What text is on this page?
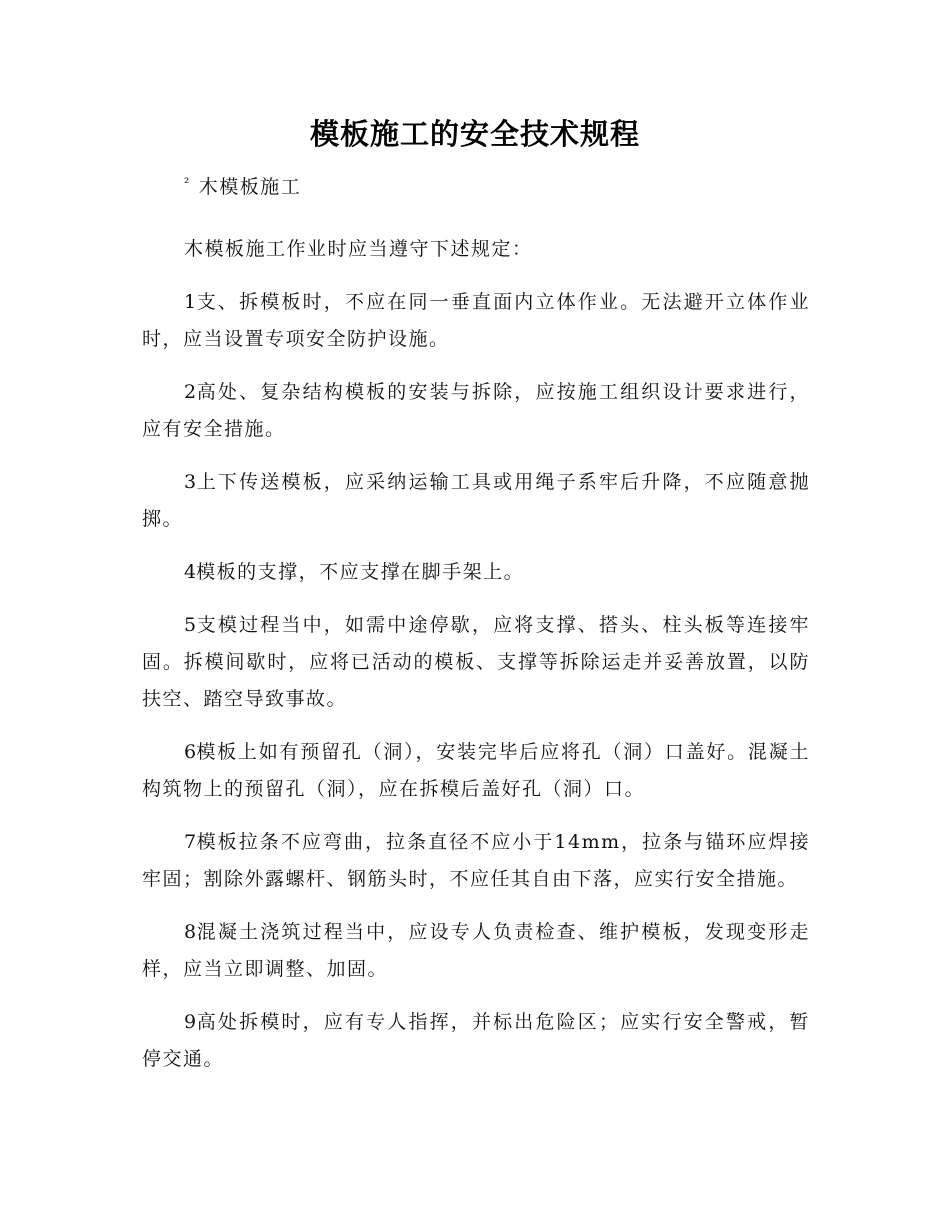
模板施工的安全技术规程
$^{^2}$ 木模板施工

木模板施工作业时应当遵守下述规定：

1支、拆模板时，不应在同一垂直面内立体作业。无法避开立体作业时，应当设置专项安全防护设施。

2高处、复杂结构模板的安装与拆除，应按施工组织设计要求进行，应有安全措施。

3上下传送模板，应采纳运输工具或用绳子系牢后升降，不应随意抛掷。

4模板的支撑，不应支撑在脚手架上。

5支模过程当中，如需中途停歇，应将支撑、搭头、柱头板等连接牢固。拆模间歇时，应将已活动的模板、支撑等拆除运走并妥善放置，以防扶空、踏空导致事故。

6模板上如有预留孔（洞），安装完毕后应将孔（洞）口盖好。混凝土构筑物上的预留孔（洞），应在拆模后盖好孔（洞）口。

7模板拉条不应弯曲，拉条直径不应小于14mm，拉条与锚环应焊接牢固；割除外露螺杆、钢筋头时，不应任其自由下落，应实行安全措施。

8混凝土浇筑过程当中，应设专人负责检查、维护模板，发现变形走样，应当立即调整、加固。

9高处拆模时，应有专人指挥，并标出危险区；应实行安全警戒，暂停交通。
